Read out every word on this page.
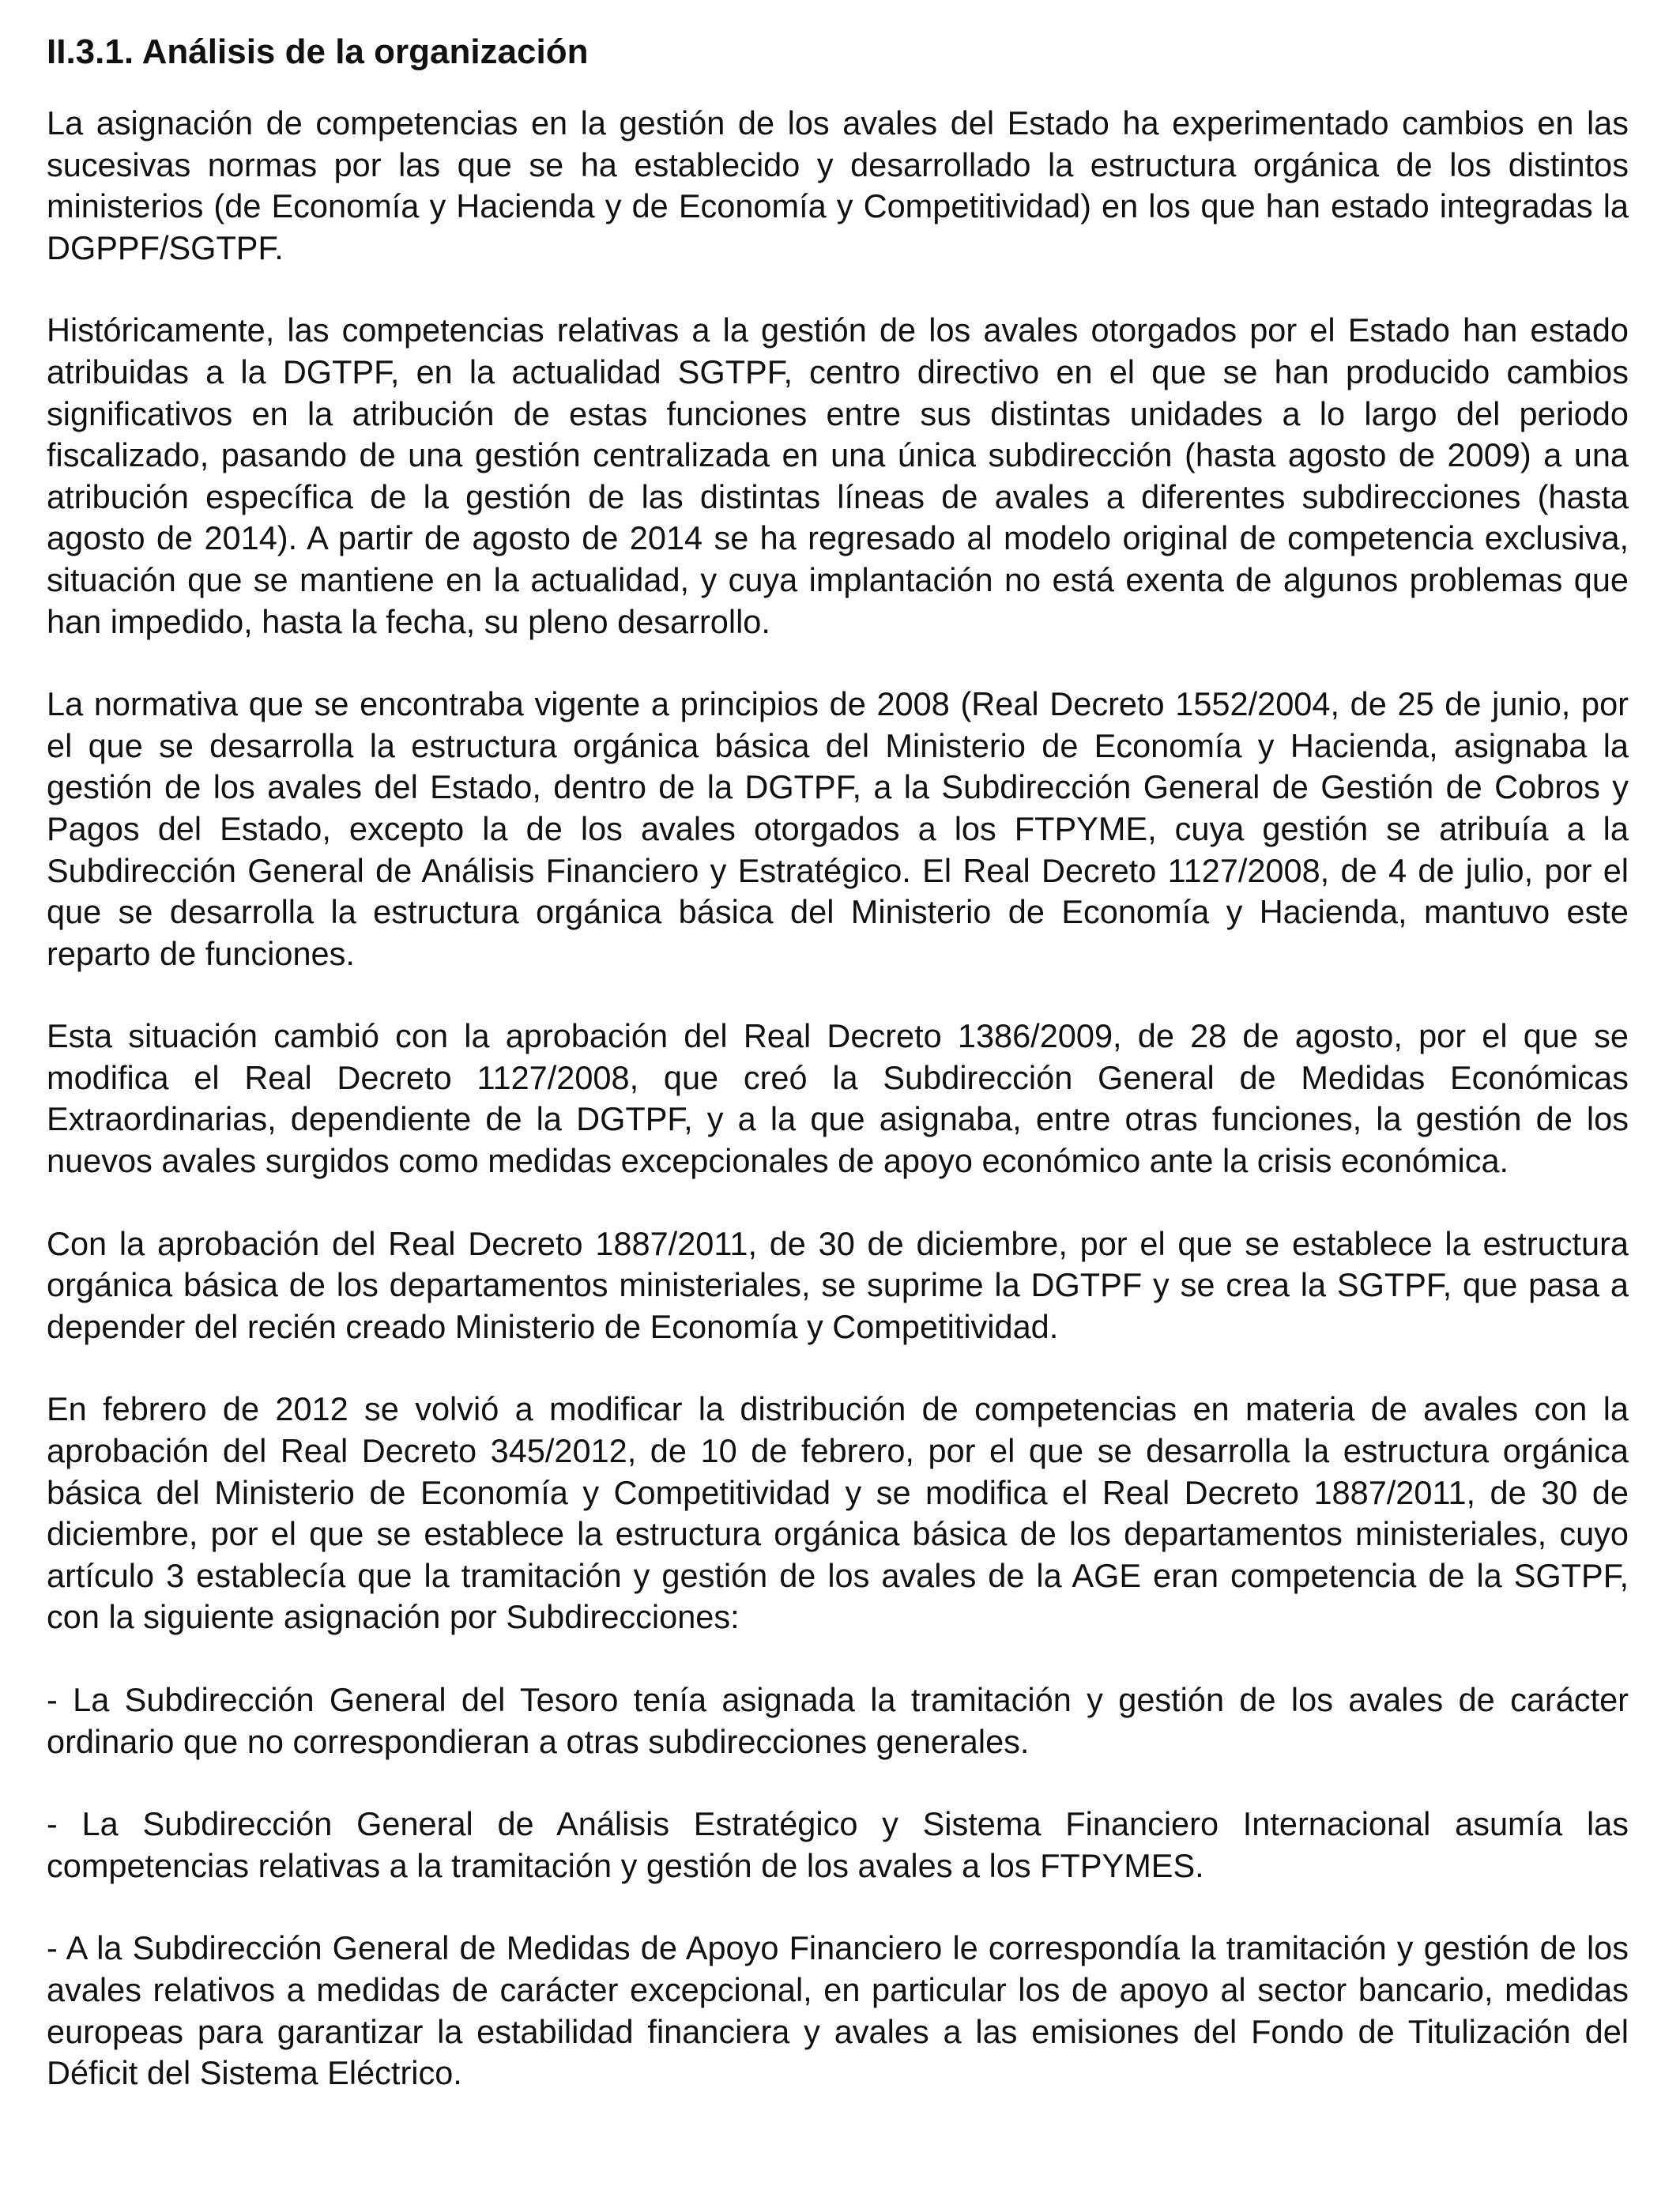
II.3.1. Análisis de la organización

La asignación de competencias en la gestión de los avales del Estado ha experimentado cambios en las sucesivas normas por las que se ha establecido y desarrollado la estructura orgánica de los distintos ministerios (de Economía y Hacienda y de Economía y Competitividad) en los que han estado integradas la DGPPF/SGTPF.

Históricamente, las competencias relativas a la gestión de los avales otorgados por el Estado han estado atribuidas a la DGTPF, en la actualidad SGTPF, centro directivo en el que se han producido cambios significativos en la atribución de estas funciones entre sus distintas unidades a lo largo del periodo fiscalizado, pasando de una gestión centralizada en una única subdirección (hasta agosto de 2009) a una atribución específica de la gestión de las distintas líneas de avales a diferentes subdirecciones (hasta agosto de 2014). A partir de agosto de 2014 se ha regresado al modelo original de competencia exclusiva, situación que se mantiene en la actualidad, y cuya implantación no está exenta de algunos problemas que han impedido, hasta la fecha, su pleno desarrollo.

La normativa que se encontraba vigente a principios de 2008 (Real Decreto 1552/2004, de 25 de junio, por el que se desarrolla la estructura orgánica básica del Ministerio de Economía y Hacienda, asignaba la gestión de los avales del Estado, dentro de la DGTPF, a la Subdirección General de Gestión de Cobros y Pagos del Estado, excepto la de los avales otorgados a los FTPYME, cuya gestión se atribuía a la Subdirección General de Análisis Financiero y Estratégico. El Real Decreto 1127/2008, de 4 de julio, por el que se desarrolla la estructura orgánica básica del Ministerio de Economía y Hacienda, mantuvo este reparto de funciones.

Esta situación cambió con la aprobación del Real Decreto 1386/2009, de 28 de agosto, por el que se modifica el Real Decreto 1127/2008, que creó la Subdirección General de Medidas Económicas Extraordinarias, dependiente de la DGTPF, y a la que asignaba, entre otras funciones, la gestión de los nuevos avales surgidos como medidas excepcionales de apoyo económico ante la crisis económica.

Con la aprobación del Real Decreto 1887/2011, de 30 de diciembre, por el que se establece la estructura orgánica básica de los departamentos ministeriales, se suprime la DGTPF y se crea la SGTPF, que pasa a depender del recién creado Ministerio de Economía y Competitividad.

En febrero de 2012 se volvió a modificar la distribución de competencias en materia de avales con la aprobación del Real Decreto 345/2012, de 10 de febrero, por el que se desarrolla la estructura orgánica básica del Ministerio de Economía y Competitividad y se modifica el Real Decreto 1887/2011, de 30 de diciembre, por el que se establece la estructura orgánica básica de los departamentos ministeriales, cuyo artículo 3 establecía que la tramitación y gestión de los avales de la AGE eran competencia de la SGTPF, con la siguiente asignación por Subdirecciones:

- La Subdirección General del Tesoro tenía asignada la tramitación y gestión de los avales de carácter ordinario que no correspondieran a otras subdirecciones generales.

- La Subdirección General de Análisis Estratégico y Sistema Financiero Internacional asumía las competencias relativas a la tramitación y gestión de los avales a los FTPYMES.

- A la Subdirección General de Medidas de Apoyo Financiero le correspondía la tramitación y gestión de los avales relativos a medidas de carácter excepcional, en particular los de apoyo al sector bancario, medidas europeas para garantizar la estabilidad financiera y avales a las emisiones del Fondo de Titulización del Déficit del Sistema Eléctrico.
